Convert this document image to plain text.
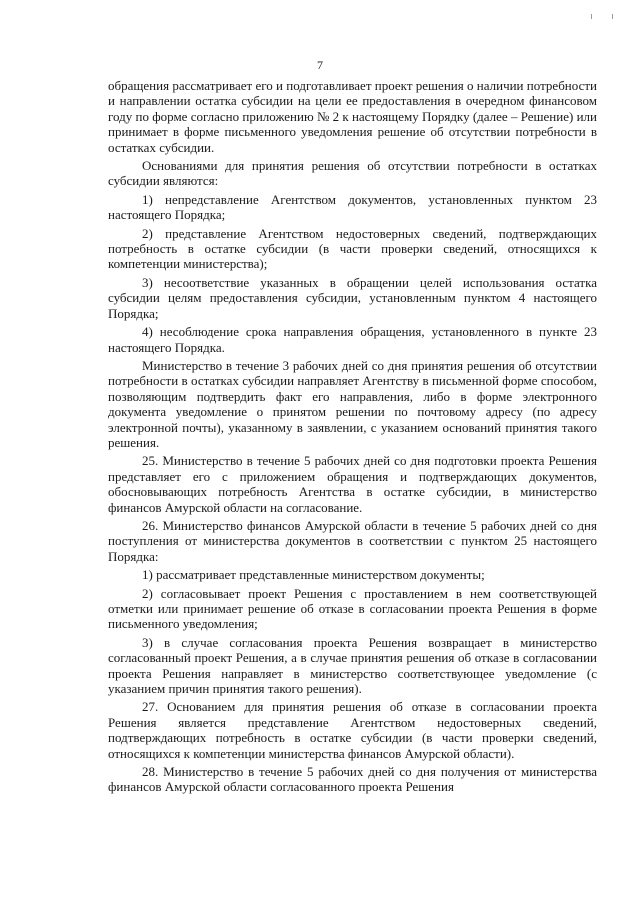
7

обращения рассматривает его и подготавливает проект решения о наличии потребности и направлении остатка субсидии на цели ее предоставления в очередном финансовом году по форме согласно приложению № 2 к настоящему Порядку (далее – Решение) или принимает в форме письменного уведомления решение об отсутствии потребности в остатках субсидии.

Основаниями для принятия решения об отсутствии потребности в остатках субсидии являются:

1) непредставление Агентством документов, установленных пунктом 23 настоящего Порядка;

2) представление Агентством недостоверных сведений, подтверждающих потребность в остатке субсидии (в части проверки сведений, относящихся к компетенции министерства);

3) несоответствие указанных в обращении целей использования остатка субсидии целям предоставления субсидии, установленным пунктом 4 настоящего Порядка;

4) несоблюдение срока направления обращения, установленного в пункте 23 настоящего Порядка.

Министерство в течение 3 рабочих дней со дня принятия решения об отсутствии потребности в остатках субсидии направляет Агентству в письменной форме способом, позволяющим подтвердить факт его направления, либо в форме электронного документа уведомление о принятом решении по почтовому адресу (по адресу электронной почты), указанному в заявлении, с указанием оснований принятия такого решения.

25. Министерство в течение 5 рабочих дней со дня подготовки проекта Решения представляет его с приложением обращения и подтверждающих документов, обосновывающих потребность Агентства в остатке субсидии, в министерство финансов Амурской области на согласование.

26. Министерство финансов Амурской области в течение 5 рабочих дней со дня поступления от министерства документов в соответствии с пунктом 25 настоящего Порядка:

1) рассматривает представленные министерством документы;

2) согласовывает проект Решения с проставлением в нем соответствующей отметки или принимает решение об отказе в согласовании проекта Решения в форме письменного уведомления;

3) в случае согласования проекта Решения возвращает в министерство согласованный проект Решения, а в случае принятия решения об отказе в согласовании проекта Решения направляет в министерство соответствующее уведомление (с указанием причин принятия такого решения).

27. Основанием для принятия решения об отказе в согласовании проекта Решения является представление Агентством недостоверных сведений, подтверждающих потребность в остатке субсидии (в части проверки сведений, относящихся к компетенции министерства финансов Амурской области).

28. Министерство в течение 5 рабочих дней со дня получения от министерства финансов Амурской области согласованного проекта Решения
